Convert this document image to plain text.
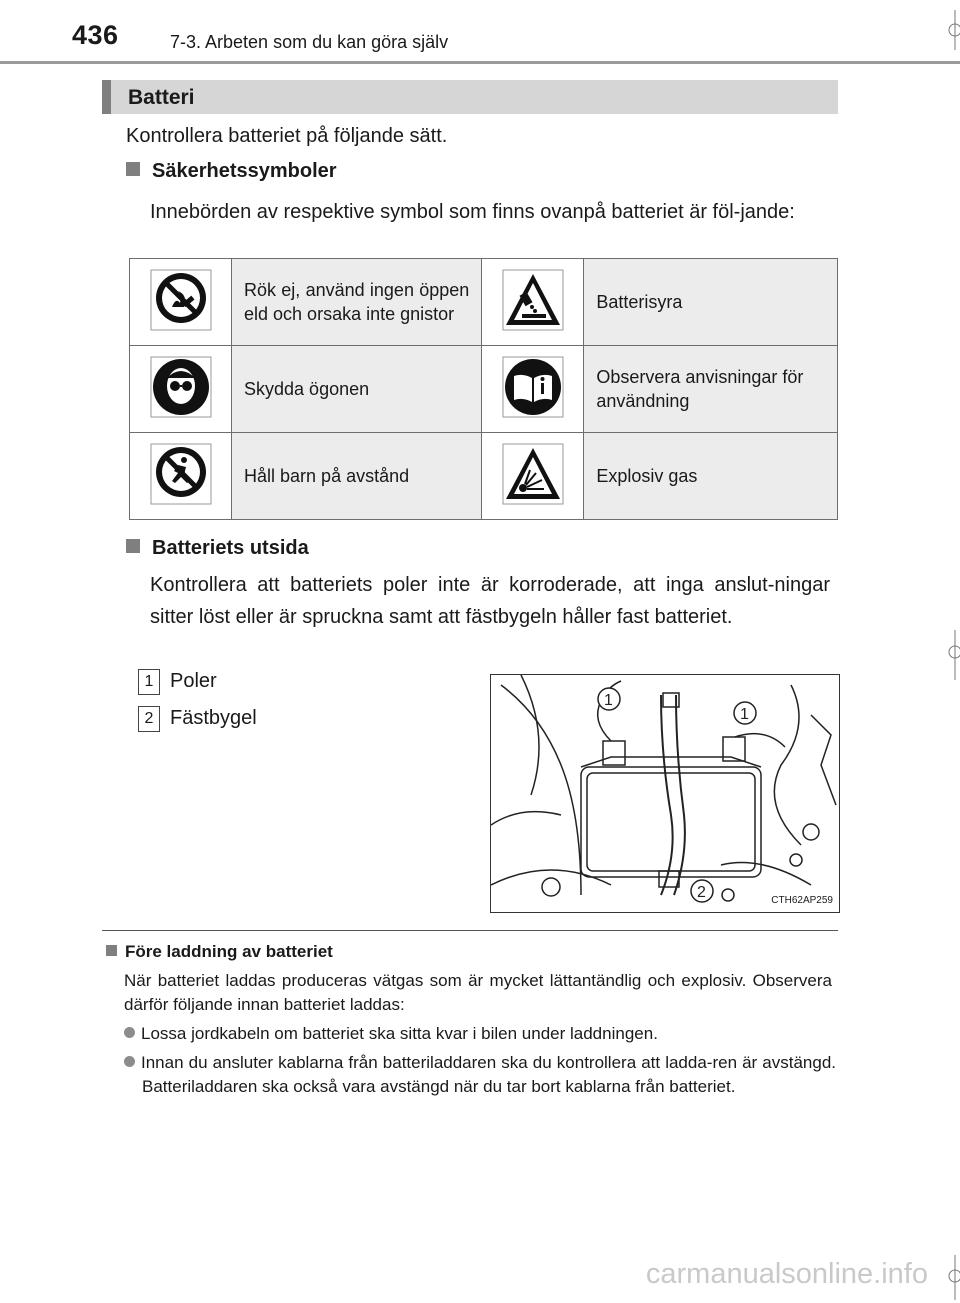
436	7-3. Arbeten som du kan göra själv
Batteri
Kontrollera batteriet på följande sätt.
Säkerhetssymboler
Innebörden av respektive symbol som finns ovanpå batteriet är föl-jande:
	Rök ej, använd ingen öppen eld och orsaka inte gnistor		Batterisyra
	Skydda ögonen		Observera anvisningar för användning
	Håll barn på avstånd		Explosiv gas
Batteriets utsida
Kontrollera att batteriets poler inte är korroderade, att inga anslut-ningar sitter löst eller är spruckna samt att fästbygeln håller fast batteriet.
1 Poler
2 Fästbygel
1
1
2	CTH62AP259
Före laddning av batteriet
När batteriet laddas produceras vätgas som är mycket lättantändlig och explosiv. Observera därför följande innan batteriet laddas:
Lossa jordkabeln om batteriet ska sitta kvar i bilen under laddningen.
Innan du ansluter kablarna från batteriladdaren ska du kontrollera att ladda-ren är avstängd. Batteriladdaren ska också vara avstängd när du tar bort kablarna från batteriet.
carmanualsonline.info
